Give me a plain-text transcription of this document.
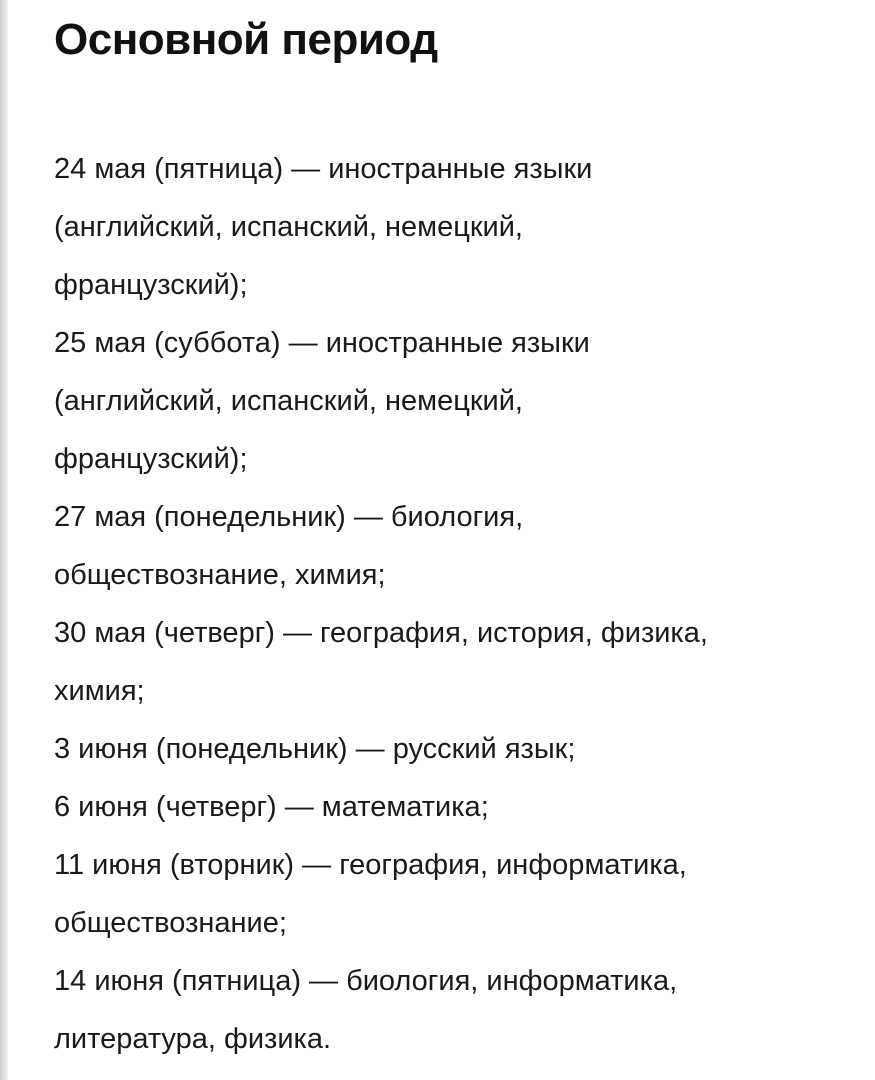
Основной период
24 мая (пятница) — иностранные языки
(английский, испанский, немецкий,
французский);
25 мая (суббота) — иностранные языки
(английский, испанский, немецкий,
французский);
27 мая (понедельник) — биология,
обществознание, химия;
30 мая (четверг) — география, история, физика,
химия;
3 июня (понедельник) — русский язык;
6 июня (четверг) — математика;
11 июня (вторник) — география, информатика,
обществознание;
14 июня (пятница) — биология, информатика,
литература, физика.
